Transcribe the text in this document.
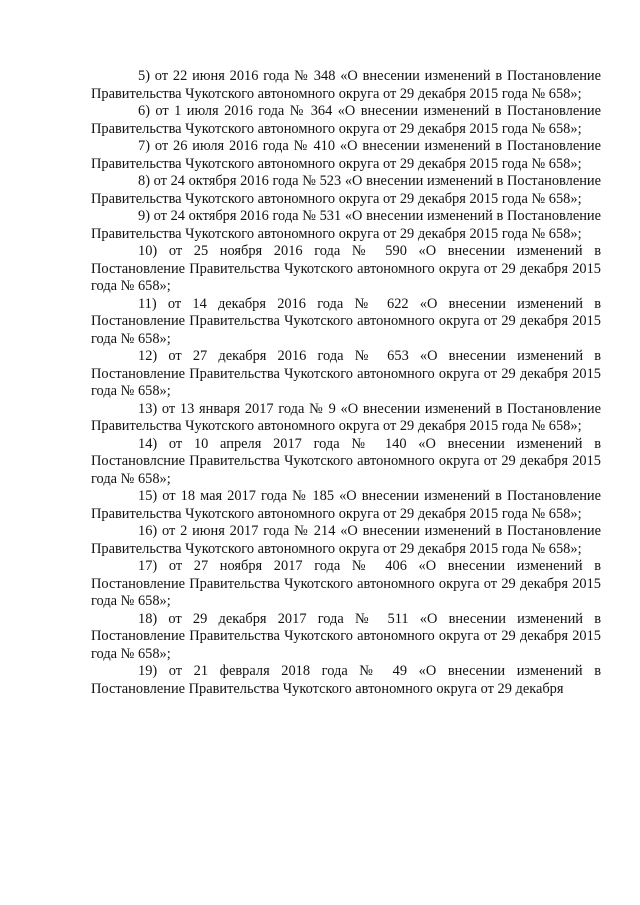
5) от 22 июня 2016 года № 348 «О внесении изменений в Постановление Правительства Чукотского автономного округа от 29 декабря 2015 года № 658»;

6) от 1 июля 2016 года № 364 «О внесении изменений в Постановление Правительства Чукотского автономного округа от 29 декабря 2015 года № 658»;

7) от 26 июля 2016 года № 410 «О внесении изменений в Постановление Правительства Чукотского автономного округа от 29 декабря 2015 года № 658»;

8) от 24 октября 2016 года № 523 «О внесении изменений в Постановление Правительства Чукотского автономного округа от 29 декабря 2015 года № 658»;

9) от 24 октября 2016 года № 531 «О внесении изменений в Постановление Правительства Чукотского автономного округа от 29 декабря 2015 года № 658»;

10) от 25 ноября 2016 года № 590 «О внесении изменений в Постановление Правительства Чукотского автономного округа от 29 декабря 2015 года № 658»;

11) от 14 декабря 2016 года № 622 «О внесении изменений в Постановление Правительства Чукотского автономного округа от 29 декабря 2015 года № 658»;

12) от 27 декабря 2016 года № 653 «О внесении изменений в Постановление Правительства Чукотского автономного округа от 29 декабря 2015 года № 658»;

13) от 13 января 2017 года № 9 «О внесении изменений в Постановление Правительства Чукотского автономного округа от 29 декабря 2015 года № 658»;

14) от 10 апреля 2017 года № 140 «О внесении изменений в Постановлсние Правительства Чукотского автономного округа от 29 декабря 2015 года № 658»;

15) от 18 мая 2017 года № 185 «О внесении изменений в Постановление Правительства Чукотского автономного округа от 29 декабря 2015 года № 658»;

16) от 2 июня 2017 года № 214 «О внесении изменений в Постановление Правительства Чукотского автономного округа от 29 декабря 2015 года № 658»;

17) от 27 ноября 2017 года № 406 «О внесении изменений в Постановление Правительства Чукотского автономного округа от 29 декабря 2015 года № 658»;

18) от 29 декабря 2017 года № 511 «О внесении изменений в Постановление Правительства Чукотского автономного округа от 29 декабря 2015 года № 658»;

19) от 21 февраля 2018 года № 49 «О внесении изменений в Постановление Правительства Чукотского автономного округа от 29 декабря
